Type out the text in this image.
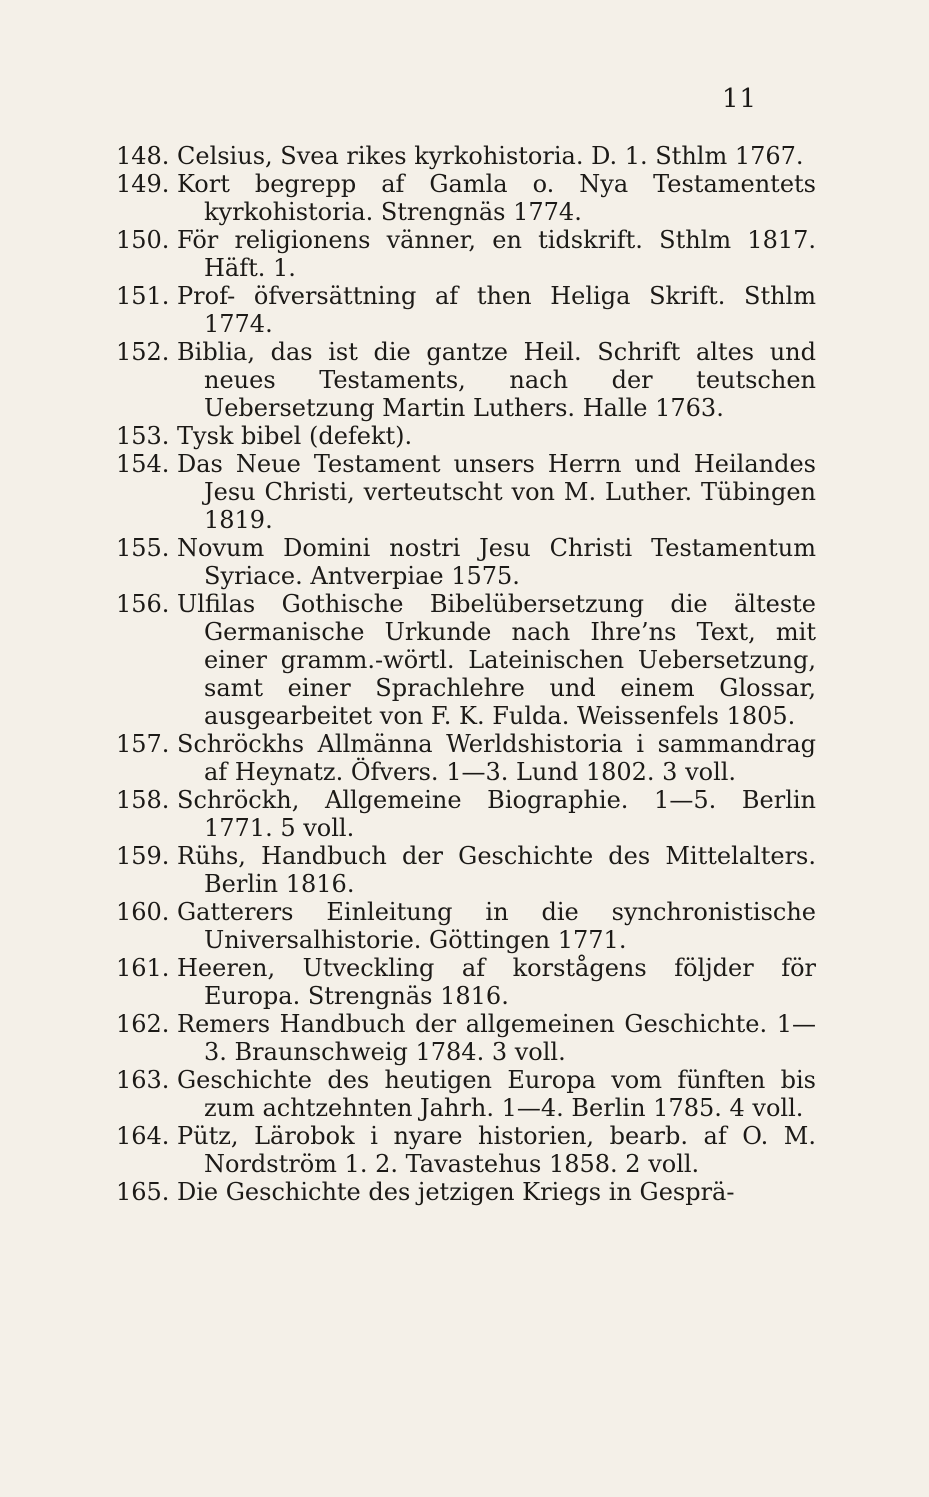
11
148. Celsius, Svea rikes kyrkohistoria. D. 1. Sthlm 1767.
149. Kort begrepp af Gamla o. Nya Testamentets kyrkohistoria. Strengnäs 1774.
150. För religionens vänner, en tidskrift. Sthlm 1817. Häft. 1.
151. Prof- öfversättning af then Heliga Skrift. Sthlm 1774.
152. Biblia, das ist die gantze Heil. Schrift altes und neues Testaments, nach der teutschen Uebersetzung Martin Luthers. Halle 1763.
153. Tysk bibel (defekt).
154. Das Neue Testament unsers Herrn und Heilandes Jesu Christi, verteutscht von M. Luther. Tübingen 1819.
155. Novum Domini nostri Jesu Christi Testamentum Syriace. Antverpiae 1575.
156. Ulfilas Gothische Bibelübersetzung die älteste Germanische Urkunde nach Ihre’ns Text, mit einer gramm.-wörtl. Lateinischen Uebersetzung, samt einer Sprachlehre und einem Glossar, ausgearbeitet von F. K. Fulda. Weissenfels 1805.
157. Schröckhs Allmänna Werldshistoria i sammandrag af Heynatz. Öfvers. 1—3. Lund 1802. 3 voll.
158. Schröckh, Allgemeine Biographie. 1—5. Berlin 1771. 5 voll.
159. Rühs, Handbuch der Geschichte des Mittelalters. Berlin 1816.
160. Gatterers Einleitung in die synchronistische Universalhistorie. Göttingen 1771.
161. Heeren, Utveckling af korstågens följder för Europa. Strengnäs 1816.
162. Remers Handbuch der allgemeinen Geschichte. 1—3. Braunschweig 1784. 3 voll.
163. Geschichte des heutigen Europa vom fünften bis zum achtzehnten Jahrh. 1—4. Berlin 1785. 4 voll.
164. Pütz, Lärobok i nyare historien, bearb. af O. M. Nordström 1. 2. Tavastehus 1858. 2 voll.
165. Die Geschichte des jetzigen Kriegs in Gesprä-
